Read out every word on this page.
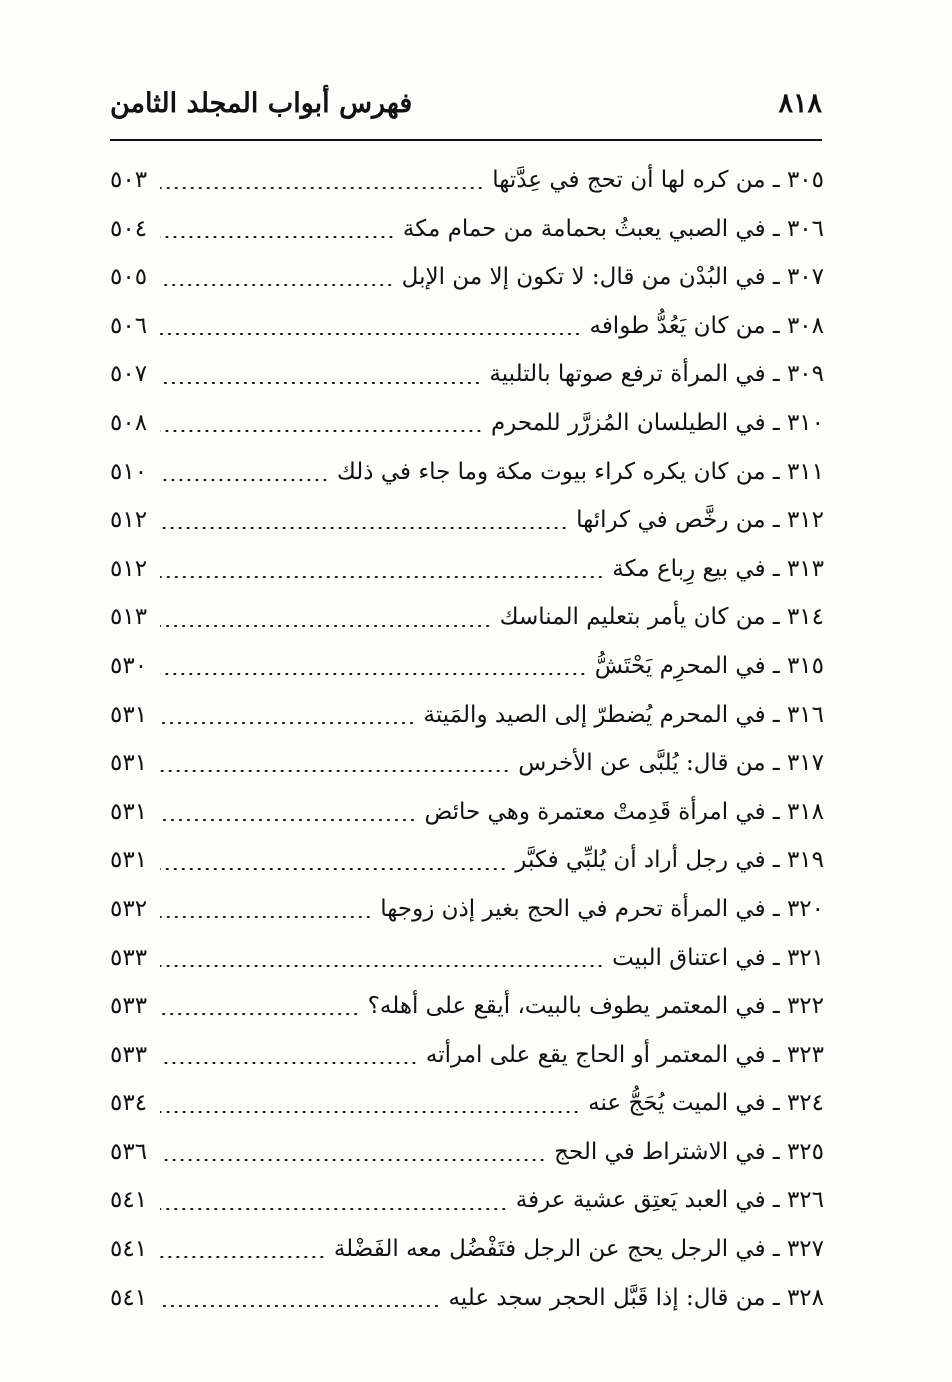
٨١٨
فهرس أبواب المجلد الثامن
٣٠٥ ـ من كره لها أن تحج في عِدَّتها
٥٠٣
٣٠٦ ـ في الصبي يعبثُ بحمامة من حمام مكة
٥٠٤
٣٠٧ ـ في البُدْن من قال: لا تكون إلا من الإبل
٥٠٥
٣٠٨ ـ من كان يَعُدُّ طوافه
٥٠٦
٣٠٩ ـ في المرأة ترفع صوتها بالتلبية
٥٠٧
٣١٠ ـ في الطيلسان المُزرَّر للمحرم
٥٠٨
٣١١ ـ من كان يكره كراء بيوت مكة وما جاء في ذلك
٥١٠
٣١٢ ـ من رخَّص في كرائها
٥١٢
٣١٣ ـ في بيع رِباع مكة
٥١٢
٣١٤ ـ من كان يأمر بتعليم المناسك
٥١٣
٣١٥ ـ في المحرِم يَحْتَشُّ
٥٣٠
٣١٦ ـ في المحرم يُضطرّ إلى الصيد والمَيتة
٥٣١
٣١٧ ـ من قال: يُلبَّى عن الأخرس
٥٣١
٣١٨ ـ في امرأة قَدِمتْ معتمرة وهي حائض
٥٣١
٣١٩ ـ في رجل أراد أن يُلبِّي فكبَّر
٥٣١
٣٢٠ ـ في المرأة تحرم في الحج بغير إذن زوجها
٥٣٢
٣٢١ ـ في اعتناق البيت
٥٣٣
٣٢٢ ـ في المعتمر يطوف بالبيت، أيقع على أهله؟
٥٣٣
٣٢٣ ـ في المعتمر أو الحاج يقع على امرأته
٥٣٣
٣٢٤ ـ في الميت يُحَجُّ عنه
٥٣٤
٣٢٥ ـ في الاشتراط في الحج
٥٣٦
٣٢٦ ـ في العبد يَعتِق عشية عرفة
٥٤١
٣٢٧ ـ في الرجل يحج عن الرجل فتَفْضُل معه الفَضْلة
٥٤١
٣٢٨ ـ من قال: إذا قَبَّل الحجر سجد عليه
٥٤١
